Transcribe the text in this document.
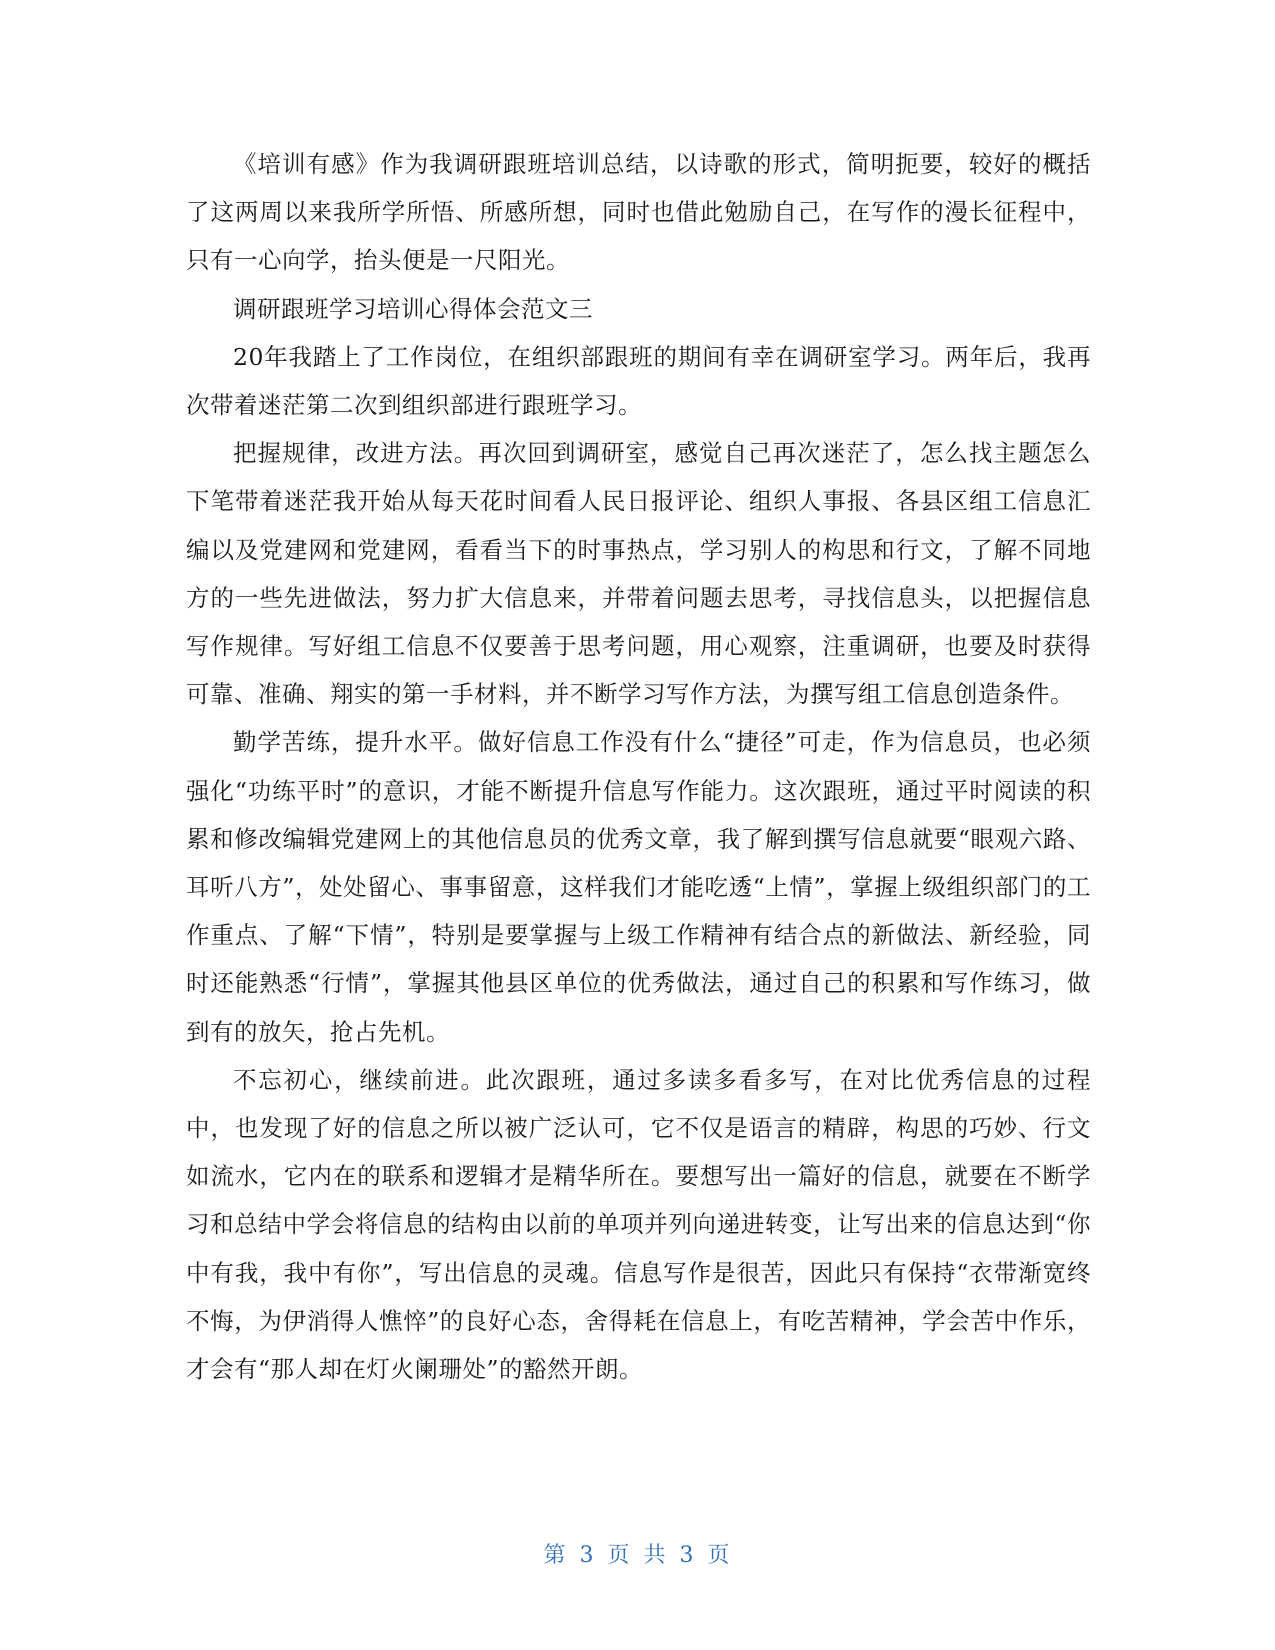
《培训有感》作为我调研跟班培训总结，以诗歌的形式，简明扼要，较好的概括了这两周以来我所学所悟、所感所想，同时也借此勉励自己，在写作的漫长征程中，只有一心向学，抬头便是一尺阳光。

调研跟班学习培训心得体会范文三

20年我踏上了工作岗位，在组织部跟班的期间有幸在调研室学习。两年后，我再次带着迷茫第二次到组织部进行跟班学习。

把握规律，改进方法。再次回到调研室，感觉自己再次迷茫了，怎么找主题怎么下笔带着迷茫我开始从每天花时间看人民日报评论、组织人事报、各县区组工信息汇编以及党建网和党建网，看看当下的时事热点，学习别人的构思和行文，了解不同地方的一些先进做法，努力扩大信息来，并带着问题去思考，寻找信息头，以把握信息写作规律。写好组工信息不仅要善于思考问题，用心观察，注重调研，也要及时获得可靠、准确、翔实的第一手材料，并不断学习写作方法，为撰写组工信息创造条件。

勤学苦练，提升水平。做好信息工作没有什么“捷径”可走，作为信息员，也必须强化“功练平时”的意识，才能不断提升信息写作能力。这次跟班，通过平时阅读的积累和修改编辑党建网上的其他信息员的优秀文章，我了解到撰写信息就要“眼观六路、耳听八方”，处处留心、事事留意，这样我们才能吃透“上情”，掌握上级组织部门的工作重点、了解“下情”，特别是要掌握与上级工作精神有结合点的新做法、新经验，同时还能熟悉“行情”，掌握其他县区单位的优秀做法，通过自己的积累和写作练习，做到有的放矢，抢占先机。

不忘初心，继续前进。此次跟班，通过多读多看多写，在对比优秀信息的过程中，也发现了好的信息之所以被广泛认可，它不仅是语言的精辟，构思的巧妙、行文如流水，它内在的联系和逻辑才是精华所在。要想写出一篇好的信息，就要在不断学习和总结中学会将信息的结构由以前的单项并列向递进转变，让写出来的信息达到“你中有我，我中有你”，写出信息的灵魂。信息写作是很苦，因此只有保持“衣带渐宽终不悔，为伊消得人憔悴”的良好心态，舍得耗在信息上，有吃苦精神，学会苦中作乐，才会有“那人却在灯火阑珊处”的豁然开朗。

第 3 页 共 3 页
